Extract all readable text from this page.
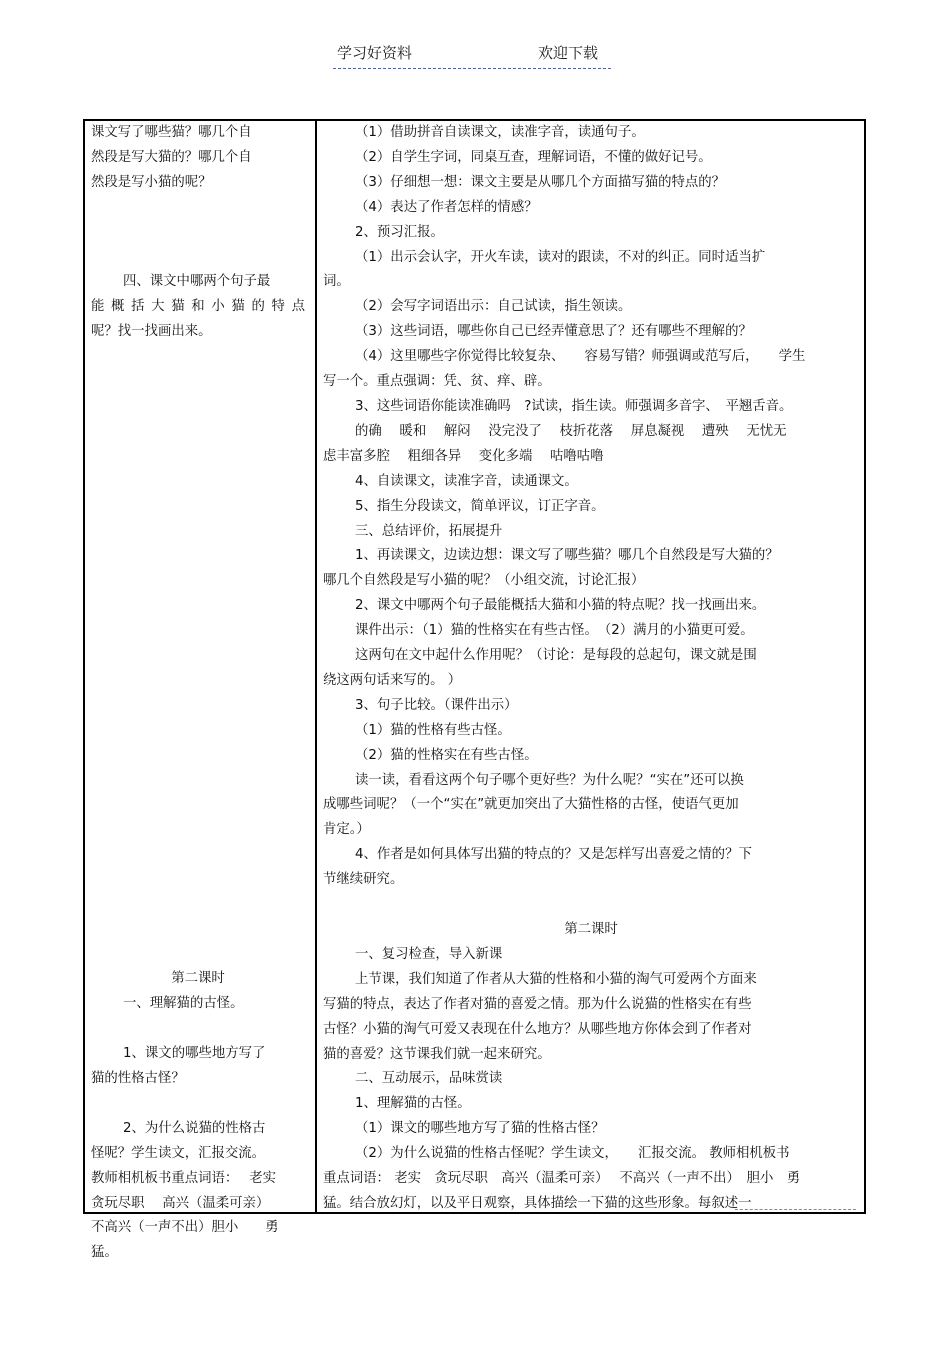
学习好资料	欢迎下载

课文写了哪些猫？哪几个自

然段是写大猫的？哪几个自

然段是写小猫的呢？

四、课文中哪两个句子最

能概括大猫和小猫的特点

呢？找一找画出来。

第二课时

一、理解猫的古怪。

1、课文的哪些地方写了

猫的性格古怪？

2、为什么说猫的性格古

怪呢？学生读文，汇报交流。

教师相机板书重点词语：　 老实

贪玩尽职　 高兴（温柔可亲）

不高兴（一声不出）胆小　　勇

猛。

（1）借助拼音自读课文，读准字音，读通句子。

（2）自学生字词，同桌互查，理解词语，不懂的做好记号。

（3）仔细想一想：课文主要是从哪几个方面描写猫的特点的？

（4）表达了作者怎样的情感？

2、预习汇报。

（1）出示会认字，开火车读，读对的跟读，不对的纠正。同时适当扩

词。

（2）会写字词语出示：自己试读，指生领读。

（3）这些词语，哪些你自己已经弄懂意思了？还有哪些不理解的？

（4）这里哪些字你觉得比较复杂、　　容易写错？师强调或范写后，　　学生

写一个。重点强调：凭、贫、痒、辟。

3、这些词语你能读准确吗　?试读，指生读。师强调多音字、　平翘舌音。

的确　 暖和　 解闷　 没完没了　 枝折花落　 屏息凝视　 遭殃　 无忧无

虑丰富多腔　 粗细各异　 变化多端　 咕噜咕噜

4、自读课文，读准字音，读通课文。

5、指生分段读文，简单评议，订正字音。

三、总结评价，拓展提升

1、再读课文，边读边想：课文写了哪些猫？哪几个自然段是写大猫的？

哪几个自然段是写小猫的呢？（小组交流，讨论汇报）

2、课文中哪两个句子最能概括大猫和小猫的特点呢？找一找画出来。

课件出示：（1）猫的性格实在有些古怪。　（2）满月的小猫更可爱。

这两句在文中起什么作用呢？（讨论：是每段的总起句，课文就是围

绕这两句话来写的。 ）

3、句子比较。（课件出示）

（1）猫的性格有些古怪。

（2）猫的性格实在有些古怪。

读一读，看看这两个句子哪个更好些？为什么呢？“实在”还可以换

成哪些词呢？（一个“实在”就更加突出了大猫性格的古怪，使语气更加

肯定。）

4、作者是如何具体写出猫的特点的？又是怎样写出喜爱之情的？下

节继续研究。

第二课时

一、复习检查，导入新课

上节课，我们知道了作者从大猫的性格和小猫的淘气可爱两个方面来

写猫的特点，表达了作者对猫的喜爱之情。那为什么说猫的性格实在有些

古怪？小猫的淘气可爱又表现在什么地方？从哪些地方你体会到了作者对

猫的喜爱？这节课我们就一起来研究。

二、互动展示，品味赏读

1、理解猫的古怪。

（1）课文的哪些地方写了猫的性格古怪？

（2）为什么说猫的性格古怪呢？学生读文，　　汇报交流。 教师相机板书

重点词语： 老实　贪玩尽职　高兴（温柔可亲）　 不高兴（一声不出）　胆小　勇

猛。结合放幻灯，以及平日观察，具体描绘一下猫的这些形象。每叙述一
